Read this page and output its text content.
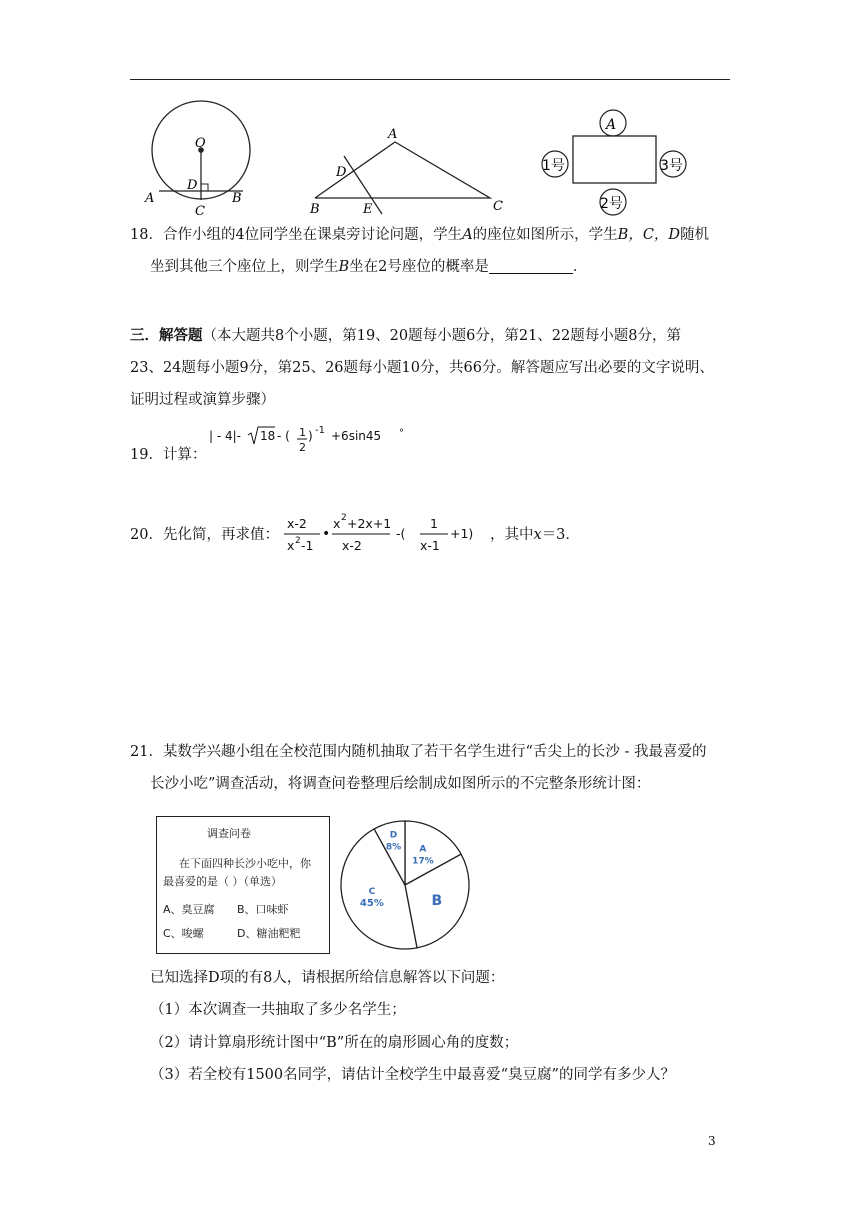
O
D
A
C
B
A
D
B	E	C
A
1号	3号
2号
18．合作小组的4位同学坐在课桌旁讨论问题，学生A的座位如图所示，学生B，C，D随机
坐到其他三个座位上，则学生B坐在2号座位的概率是	．
三．解答题（本大题共8个小题，第19、20题每小题6分，第21、22题每小题8分，第
23、24题每小题9分，第25、26题每小题10分，共66分。解答题应写出必要的文字说明、
证明过程或演算步骤）
19．计算：
| - 4|- 18 - ( 1
2
) -1 +6sin45 °
20．先化简，再求值：
x-2
x 2 -1
•
x 2 +2x+1
x-2
-(
1
x-1
+1) ，其中x＝3．
21．某数学兴趣小组在全校范围内随机抽取了若干名学生进行“舌尖上的长沙 - 我最喜爱的
长沙小吃”调查活动，将调查问卷整理后绘制成如图所示的不完整条形统计图：
调查问卷
在下面四种长沙小吃中，你
最喜爱的是（ ）（单选）
A、臭豆腐 B、口味虾
C、唆螺	D、糖油粑粑
A
17%
B
C
45%
D
8%
已知选择D项的有8人，请根据所给信息解答以下问题：
（1）本次调查一共抽取了多少名学生；
（2）请计算扇形统计图中“B”所在的扇形圆心角的度数；
（3）若全校有1500名同学，请估计全校学生中最喜爱“臭豆腐”的同学有多少人？
3
